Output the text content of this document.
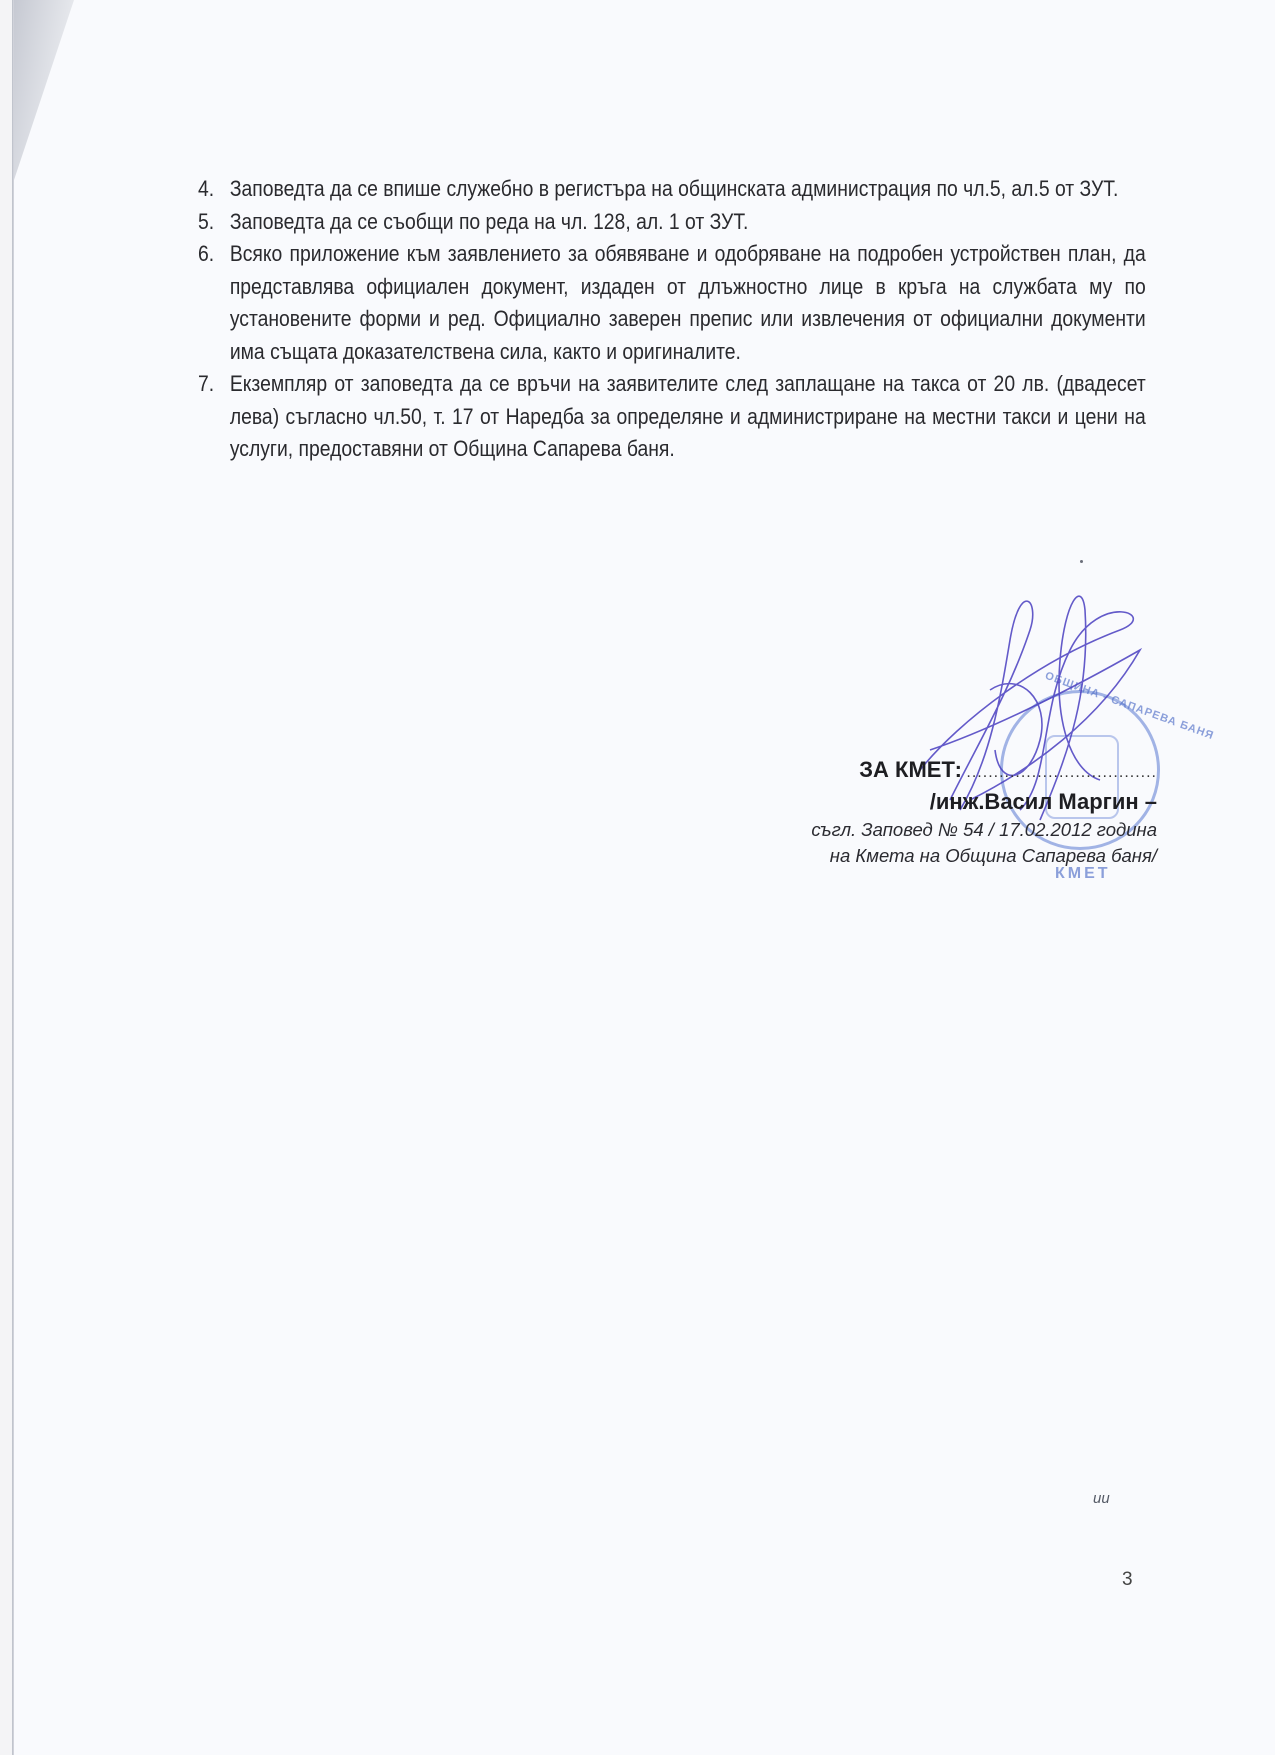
4. Заповедта да се впише служебно в регистъра на общинската администрация по чл.5, ал.5 от ЗУТ.
5. Заповедта да се съобщи по реда на чл. 128, ал. 1 от ЗУТ.
6. Всяко приложение към заявлението за обявяване и одобряване на подробен устройствен план, да представлява официален документ, издаден от длъжностно лице в кръга на службата му по установените форми и ред. Официално заверен препис или извлечения от официални документи има същата доказателствена сила, както и оригиналите.
7. Екземпляр от заповедта да се връчи на заявителите след заплащане на такса от 20 лв. (двадесет лева) съгласно чл.50, т. 17 от Наредба за определяне и администриране на местни такси и цени на услуги, предоставяни от Община Сапарева баня.
ОБЩИНА - САПАРЕВА БАНЯ
КМЕТ
ЗА КМЕТ: ...................................
/инж.Васил Маргин –
съгл. Заповед № 54 / 17.02.2012 година
на Кмета на Община Сапарева баня/
ии
3
